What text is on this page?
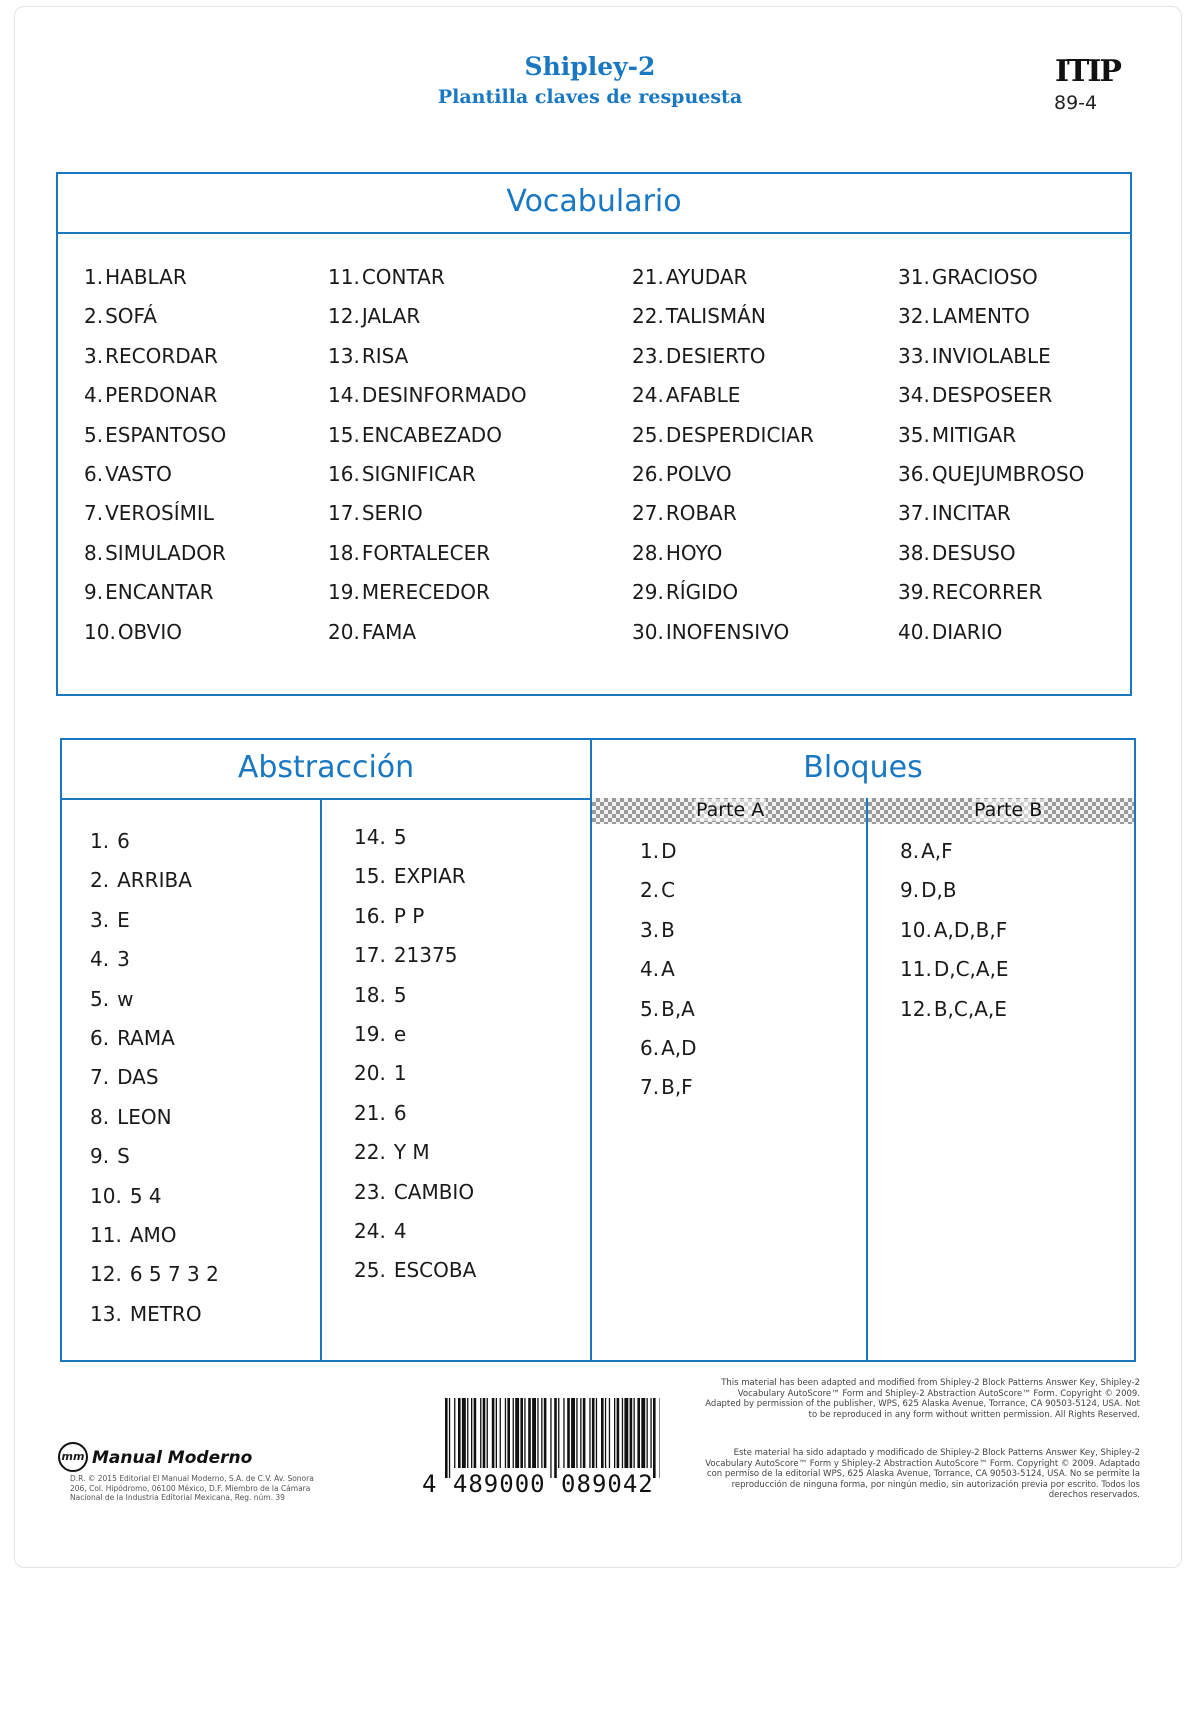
Shipley-2
Plantilla claves de respuesta
ITIP
89-4
Vocabulario
1. HABLAR
2. SOFÁ
3. RECORDAR
4. PERDONAR
5. ESPANTOSO
6. VASTO
7. VEROSÍMIL
8. SIMULADOR
9. ENCANTAR
10. OBVIO
11. CONTAR
12. JALAR
13. RISA
14. DESINFORMADO
15. ENCABEZADO
16. SIGNIFICAR
17. SERIO
18. FORTALECER
19. MERECEDOR
20. FAMA
21. AYUDAR
22. TALISMÁN
23. DESIERTO
24. AFABLE
25. DESPERDICIAR
26. POLVO
27. ROBAR
28. HOYO
29. RÍGIDO
30. INOFENSIVO
31. GRACIOSO
32. LAMENTO
33. INVIOLABLE
34. DESPOSEER
35. MITIGAR
36. QUEJUMBROSO
37. INCITAR
38. DESUSO
39. RECORRER
40. DIARIO
Abstracción	Bloques
Parte A	Parte B
1. 6
2. ARRIBA
3. E
4. 3
5. w
6. RAMA
7. DAS
8. LEON
9. S
10. 5 4
11. AMO
12. 6 5 7 3 2
13. METRO
14. 5
15. EXPIAR
16. P P
17. 21375
18. 5
19. e
20. 1
21. 6
22. Y M
23. CAMBIO
24. 4
25. ESCOBA
1. D
2. C
3. B
4. A
5. B,A
6. A,D
7. B,F
8. A,F
9. D,B
10. A,D,B,F
11. D,C,A,E
12. B,C,A,E
mm Manual Moderno
D.R. © 2015 Editorial El Manual Moderno, S.A. de C.V. Av. Sonora 206, Col. Hipódromo, 06100 México, D.F. Miembro de la Cámara Nacional de la Industria Editorial Mexicana, Reg. núm. 39	4 489000 089042
This material has been adapted and modified from Shipley-2 Block Patterns Answer Key, Shipley-2 Vocabulary AutoScore™ Form and Shipley-2 Abstraction AutoScore™ Form. Copyright © 2009. Adapted by permission of the publisher, WPS, 625 Alaska Avenue, Torrance, CA 90503-5124, USA. Not to be reproduced in any form without written permission. All Rights Reserved.
Este material ha sido adaptado y modificado de Shipley-2 Block Patterns Answer Key, Shipley-2 Vocabulary AutoScore™ Form y Shipley-2 Abstraction AutoScore™ Form. Copyright © 2009. Adaptado con permiso de la editorial WPS, 625 Alaska Avenue, Torrance, CA 90503-5124, USA. No se permite la reproducción de ninguna forma, por ningún medio, sin autorización previa por escrito. Todos los derechos reservados.
